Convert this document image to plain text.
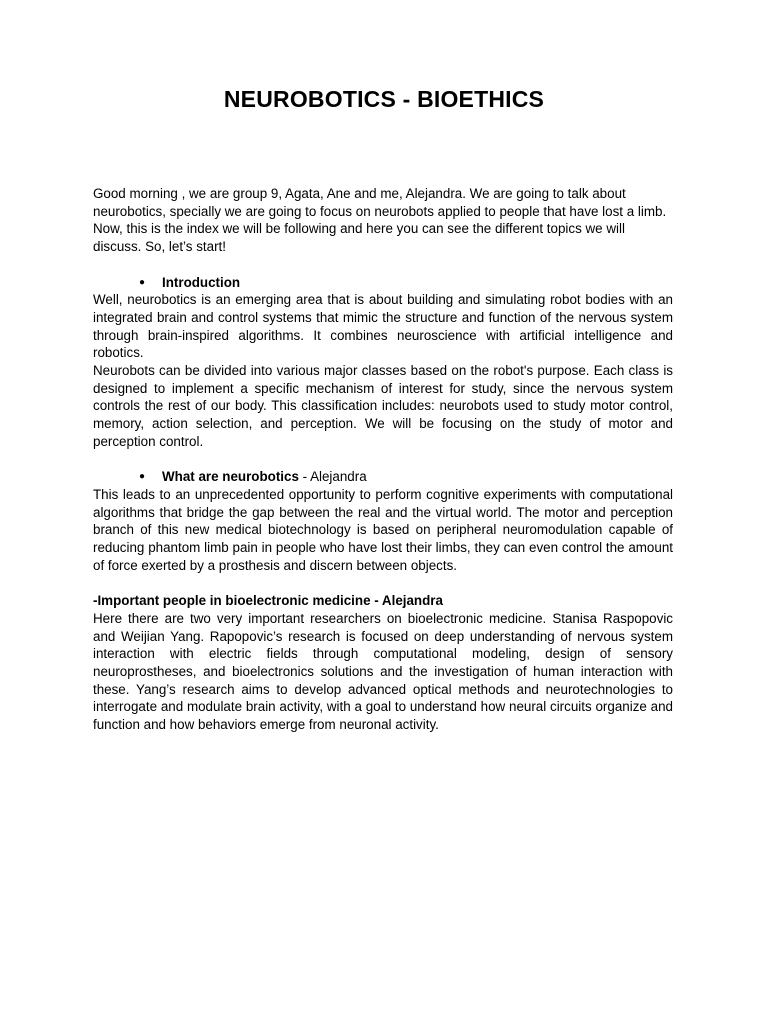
NEUROBOTICS - BIOETHICS

Good morning , we are group 9, Agata, Ane and me, Alejandra. We are going to talk about neurobotics, specially we are going to focus on neurobots applied to people that have lost a limb.

Now, this is the index we will be following and here you can see the different topics we will discuss. So, let’s start!

● Introduction

Well, neurobotics is an emerging area that is about building and simulating robot bodies with an integrated brain and control systems that mimic the structure and function of the nervous system through brain-inspired algorithms. It combines neuroscience with artificial intelligence and robotics.

Neurobots can be divided into various major classes based on the robot's purpose. Each class is designed to implement a specific mechanism of interest for study, since the nervous system controls the rest of our body. This classification includes: neurobots used to study motor control, memory, action selection, and perception. We will be focusing on the study of motor and perception control.

● What are neurobotics - Alejandra

This leads to an unprecedented opportunity to perform cognitive experiments with computational algorithms that bridge the gap between the real and the virtual world. The motor and perception branch of this new medical biotechnology is based on peripheral neuromodulation capable of reducing phantom limb pain in people who have lost their limbs, they can even control the amount of force exerted by a prosthesis and discern between objects.

-Important people in bioelectronic medicine - Alejandra

Here there are two very important researchers on bioelectronic medicine. Stanisa Raspopovic and Weijian Yang. Rapopovic’s research is focused on deep understanding of nervous system interaction with electric fields through computational modeling, design of sensory neuroprostheses, and bioelectronics solutions and the investigation of human interaction with these. Yang’s research aims to develop advanced optical methods and neurotechnologies to interrogate and modulate brain activity, with a goal to understand how neural circuits organize and function and how behaviors emerge from neuronal activity.
